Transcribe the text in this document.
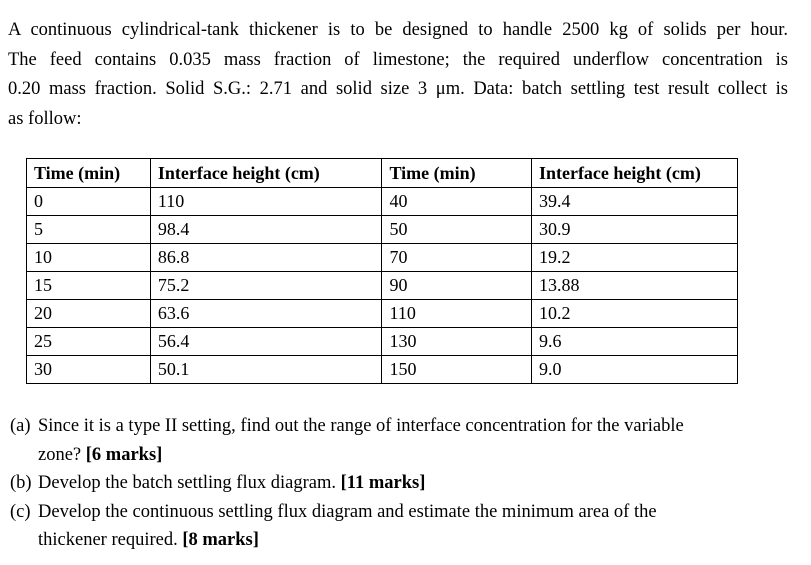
A continuous cylindrical-tank thickener is to be designed to handle 2500 kg of solids per hour.
The feed contains 0.035 mass fraction of limestone; the required underflow concentration is
0.20 mass fraction. Solid S.G.: 2.71 and solid size 3 μm. Data: batch settling test result collect is
as follow:
Time (min)	Interface height (cm)	Time (min)	Interface height (cm)
0	110	40	39.4
5	98.4	50	30.9
10	86.8	70	19.2
15	75.2	90	13.88
20	63.6	110	10.2
25	56.4	130	9.6
30	50.1	150	9.0
(a) Since it is a type II setting, find out the range of interface concentration for the variable
zone? [6 marks]
(b) Develop the batch settling flux diagram. [11 marks]
(c) Develop the continuous settling flux diagram and estimate the minimum area of the
thickener required. [8 marks]
